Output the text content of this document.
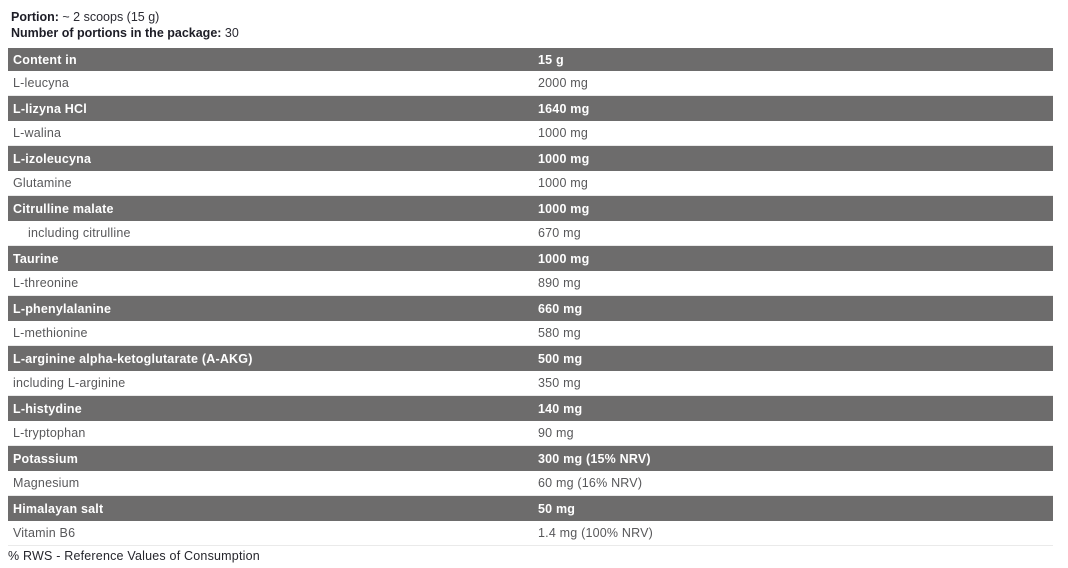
Portion: ~ 2 scoops (15 g)
Number of portions in the package: 30
Content in	15 g
L-leucyna	2000 mg
L-lizyna HCl	1640 mg
L-walina	1000 mg
L-izoleucyna	1000 mg
Glutamine	1000 mg
Citrulline malate	1000 mg
including citrulline	670 mg
Taurine	1000 mg
L-threonine	890 mg
L-phenylalanine	660 mg
L-methionine	580 mg
L-arginine alpha-ketoglutarate (A-AKG)	500 mg
including L-arginine	350 mg
L-histydine	140 mg
L-tryptophan	90 mg
Potassium	300 mg (15% NRV)
Magnesium	60 mg (16% NRV)
Himalayan salt	50 mg
Vitamin B6	1.4 mg (100% NRV)
% RWS - Reference Values of Consumption
